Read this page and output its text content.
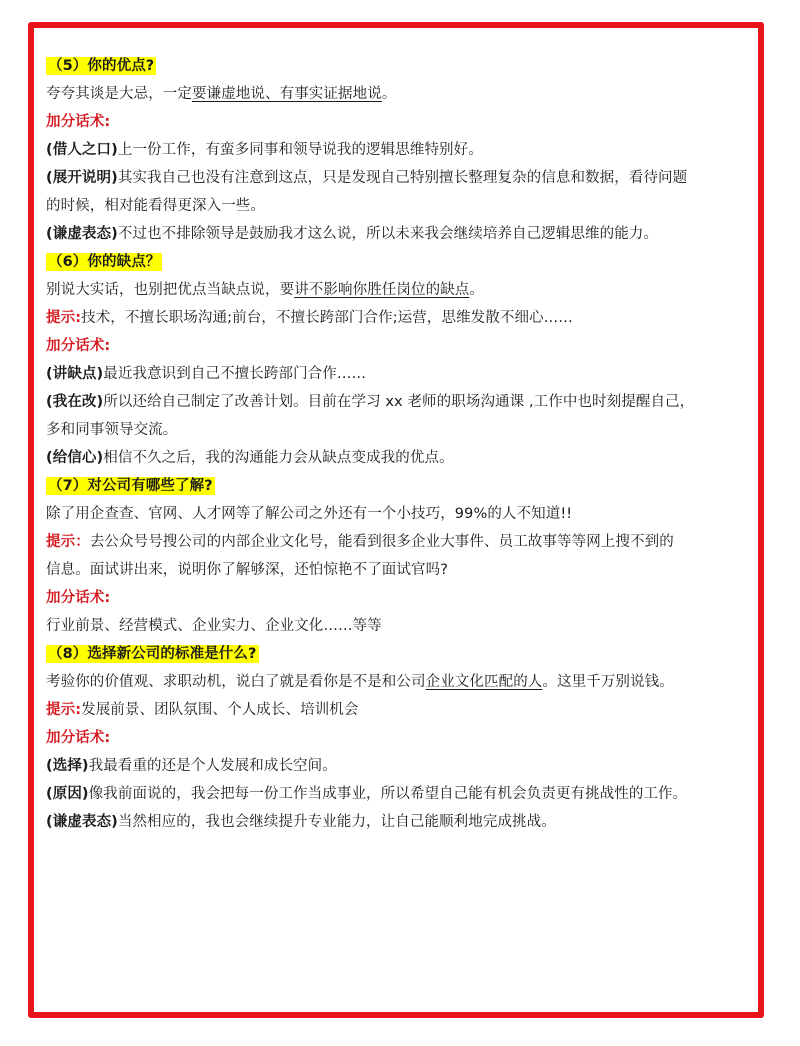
（5）你的优点?

夸夸其谈是大忌，一定要谦虚地说、有事实证据地说。

加分话术:

(借人之口)上一份工作，有蛮多同事和领导说我的逻辑思维特别好。

(展开说明)其实我自己也没有注意到这点，只是发现自己特别擅长整理复杂的信息和数据，看待问题

的时候，相对能看得更深入一些。

(谦虚表态)不过也不排除领导是鼓励我才这么说，所以未来我会继续培养自己逻辑思维的能力。

（6）你的缺点？

别说大实话，也别把优点当缺点说，要讲不影响你胜任岗位的缺点。

提示:技术，不擅长职场沟通;前台，不擅长跨部门合作;运营，思维发散不细心……

加分话术:

(讲缺点)最近我意识到自己不擅长跨部门合作……

(我在改)所以还给自己制定了改善计划。目前在学习 xx 老师的职场沟通课 ,工作中也时刻提醒自己，

多和同事领导交流。

(给信心)相信不久之后，我的沟通能力会从缺点变成我的优点。

（7）对公司有哪些了解?

除了用企查查、官网、人才网等了解公司之外还有一个小技巧，99%的人不知道!!

提示：去公众号号搜公司的内部企业文化号，能看到很多企业大事件、员工故事等等网上搜不到的

信息。面试讲出来，说明你了解够深，还怕惊艳不了面试官吗?

加分话术:

行业前景、经营模式、企业实力、企业文化……等等

（8）选择新公司的标准是什么?

考验你的价值观、求职动机，说白了就是看你是不是和公司企业文化匹配的人。这里千万别说钱。

提示:发展前景、团队氛围、个人成长、培训机会

加分话术:

(选择)我最看重的还是个人发展和成长空间。

(原因)像我前面说的，我会把每一份工作当成事业，所以希望自己能有机会负责更有挑战性的工作。

(谦虚表态)当然相应的，我也会继续提升专业能力，让自己能顺利地完成挑战。
